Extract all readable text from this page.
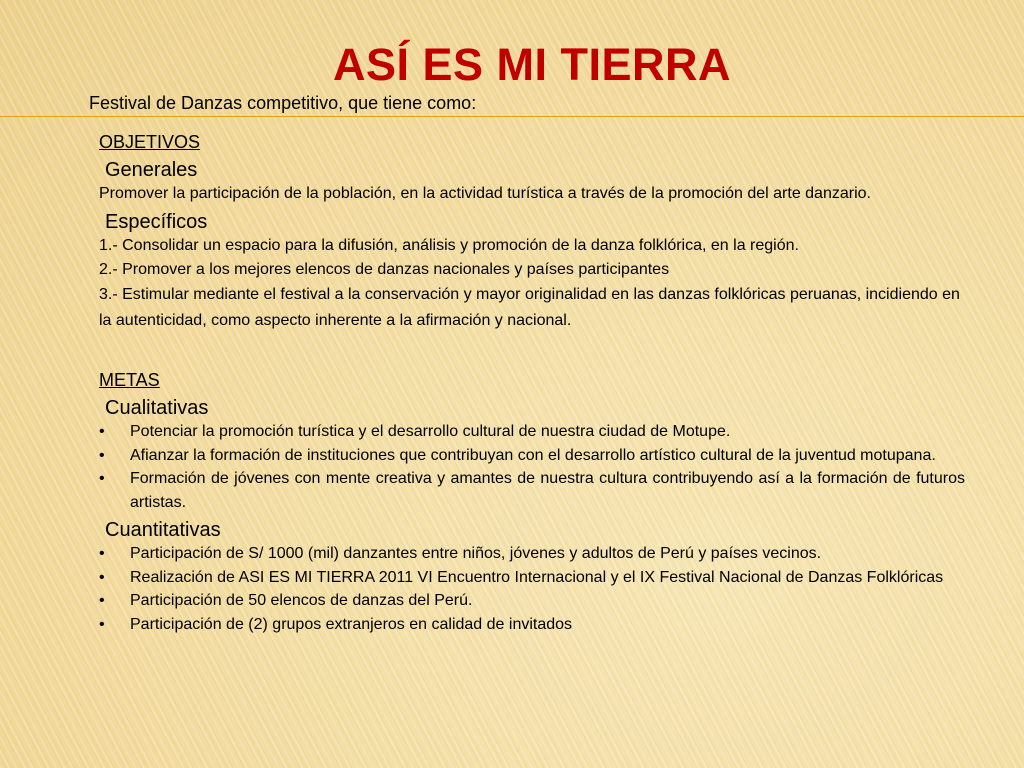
ASÍ ES MI TIERRA

Festival de Danzas competitivo, que tiene como:

OBJETIVOS

Generales

Promover la participación de la población, en la actividad turística a través de la promoción del arte danzario.

Específicos

1.- Consolidar un espacio para la difusión, análisis y promoción de la danza folklórica, en la región.

2.- Promover a los mejores elencos de danzas nacionales y países participantes

3.- Estimular mediante el festival a la conservación y mayor originalidad en las danzas folklóricas peruanas, incidiendo en la autenticidad, como aspecto inherente a la afirmación y nacional.

METAS

Cualitativas

•	Potenciar la promoción turística y el desarrollo cultural de nuestra ciudad de Motupe.
•	Afianzar la formación de instituciones que contribuyan con el desarrollo artístico cultural de la juventud motupana.
•	Formación de jóvenes con mente creativa y amantes de nuestra cultura contribuyendo así a la formación de futuros artistas.

Cuantitativas

•	Participación de S/ 1000 (mil) danzantes entre niños, jóvenes y adultos de Perú y países vecinos.
•	Realización de ASI ES MI TIERRA 2011 VI Encuentro Internacional y el IX Festival Nacional de Danzas Folklóricas
•	Participación de 50 elencos de danzas del Perú.
•	Participación de (2) grupos extranjeros en calidad de invitados
